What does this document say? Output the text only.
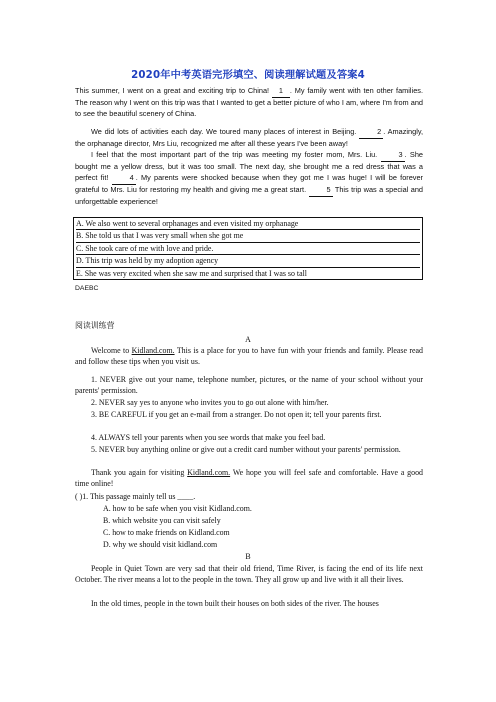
2020年中考英语完形填空、阅读理解试题及答案4

This summer, I went on a great and exciting trip to China! 1 . My family went with ten other families. The reason why I went on this trip was that I wanted to get a better picture of who I am, where I'm from and to see the beautiful scenery of China.

We did lots of activities each day. We toured many places of interest in Beijing.	2 . Amazingly, the orphanage director, Mrs Liu, recognized me after all these years I've been away!

I feel that the most important part of the trip was meeting my foster mom, Mrs. Liu.	3 . She bought me a yellow dress, but it was too small. The next day, she brought me a red dress that was a perfect fit!	4 . My parents were shocked because when they got me I was huge! I will be forever grateful to Mrs. Liu for restoring my health and giving me a great start.	5 This trip was a special and unforgettable experience!

A. We also went to several orphanages and even visited my orphanage
B. She told us that I was very small when she got me
C. She took care of me with love and pride.
D. This trip was held by my adoption agency
E. She was very excited when she saw me and surprised that I was so tall
DAEBC
阅读训练营
A

Welcome to Kidland.com. This is a place for you to have fun with your friends and family. Please read and follow these tips when you visit us.

1. NEVER give out your name, telephone number, pictures, or the name of your school without your parents' permission.

2. NEVER say yes to anyone who invites you to go out alone with him/her.

3. BE CAREFUL if you get an e-mail from a stranger. Do not open it; tell your parents first.

4. ALWAYS tell your parents when you see words that make you feel bad.

5. NEVER buy anything online or give out a credit card number without your parents' permission.

Thank you again for visiting Kidland.com. We hope you will feel safe and comfortable. Have a good time online!

( )1. This passage mainly tell us ____.
A. how to be safe when you visit Kidland.com.
B. which website you can visit safely
C. how to make friends on Kidland.com
D. why we should visit kidland.com
B

People in Quiet Town are very sad that their old friend, Time River, is facing the end of its life next October. The river means a lot to the people in the town. They all grow up and live with it all their lives.

In the old times, people in the town built their houses on both sides of the river. The houses
